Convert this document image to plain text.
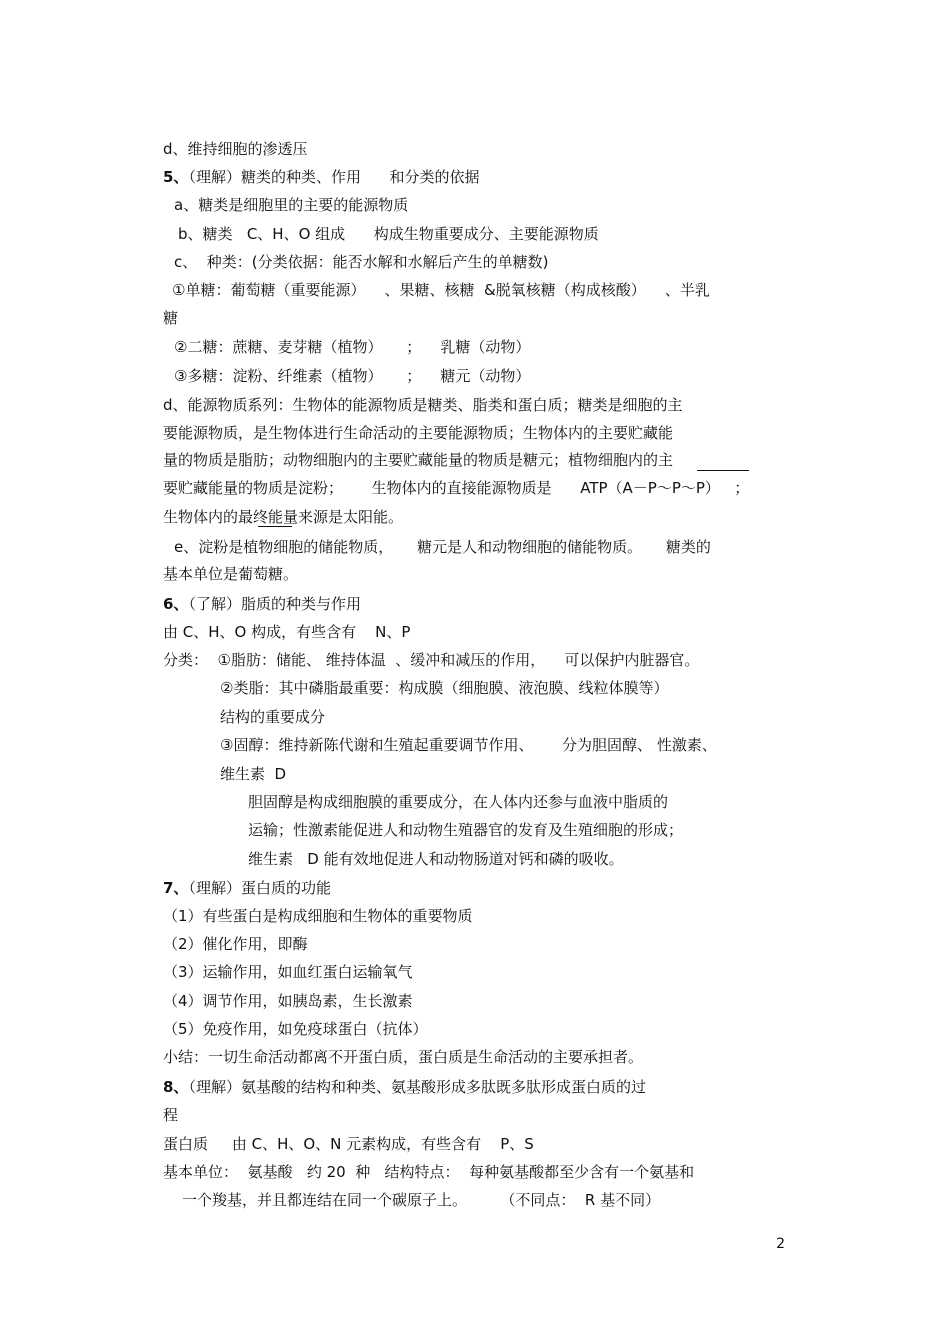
d、维持细胞的渗透压
5、（理解）糖类的种类、作用      和分类的依据
a、糖类是细胞里的主要的能源物质
b、糖类   C、H、O 组成      构成生物重要成分、主要能源物质
c、  种类：(分类依据：能否水解和水解后产生的单糖数)
①单糖：葡萄糖（重要能源）    、果糖、核糖  &脱氧核糖（构成核酸）    、半乳
糖
②二糖：蔗糖、麦芽糖（植物）     ；    乳糖（动物）
③多糖：淀粉、纤维素（植物）     ；    糖元（动物）
d、能源物质系列：生物体的能源物质是糖类、脂类和蛋白质；糖类是细胞的主
要能源物质，是生物体进行生命活动的主要能源物质；生物体内的主要贮藏能
量的物质是脂肪；动物细胞内的主要贮藏能量的物质是糖元；植物细胞内的主
要贮藏能量的物质是淀粉；      生物体内的直接能源物质是      ATP（A－P～P～P）   ；
生物体内的最终能量来源是太阳能。
e、淀粉是植物细胞的储能物质，     糖元是人和动物细胞的储能物质。     糖类的
基本单位是葡萄糖。
6、（了解）脂质的种类与作用
由 C、H、O 构成，有些含有    N、P
分类：  ①脂肪：储能、 维持体温  、缓冲和减压的作用，    可以保护内脏器官。
②类脂：其中磷脂最重要：构成膜（细胞膜、液泡膜、线粒体膜等）
结构的重要成分
③固醇：维持新陈代谢和生殖起重要调节作用、      分为胆固醇、 性激素、
维生素  D
胆固醇是构成细胞膜的重要成分，在人体内还参与血液中脂质的
运输；性激素能促进人和动物生殖器官的发育及生殖细胞的形成；
维生素   D 能有效地促进人和动物肠道对钙和磷的吸收。
7、（理解）蛋白质的功能
（1）有些蛋白是构成细胞和生物体的重要物质
（2）催化作用，即酶
（3）运输作用，如血红蛋白运输氧气
（4）调节作用，如胰岛素，生长激素
（5）免疫作用，如免疫球蛋白（抗体）
小结：一切生命活动都离不开蛋白质，蛋白质是生命活动的主要承担者。
8、（理解）氨基酸的结构和种类、氨基酸形成多肽既多肽形成蛋白质的过
程
蛋白质     由 C、H、O、N 元素构成，有些含有    P、S
基本单位：  氨基酸   约 20  种   结构特点：  每种氨基酸都至少含有一个氨基和
一个羧基，并且都连结在同一个碳原子上。       （不同点：  R 基不同）
2
